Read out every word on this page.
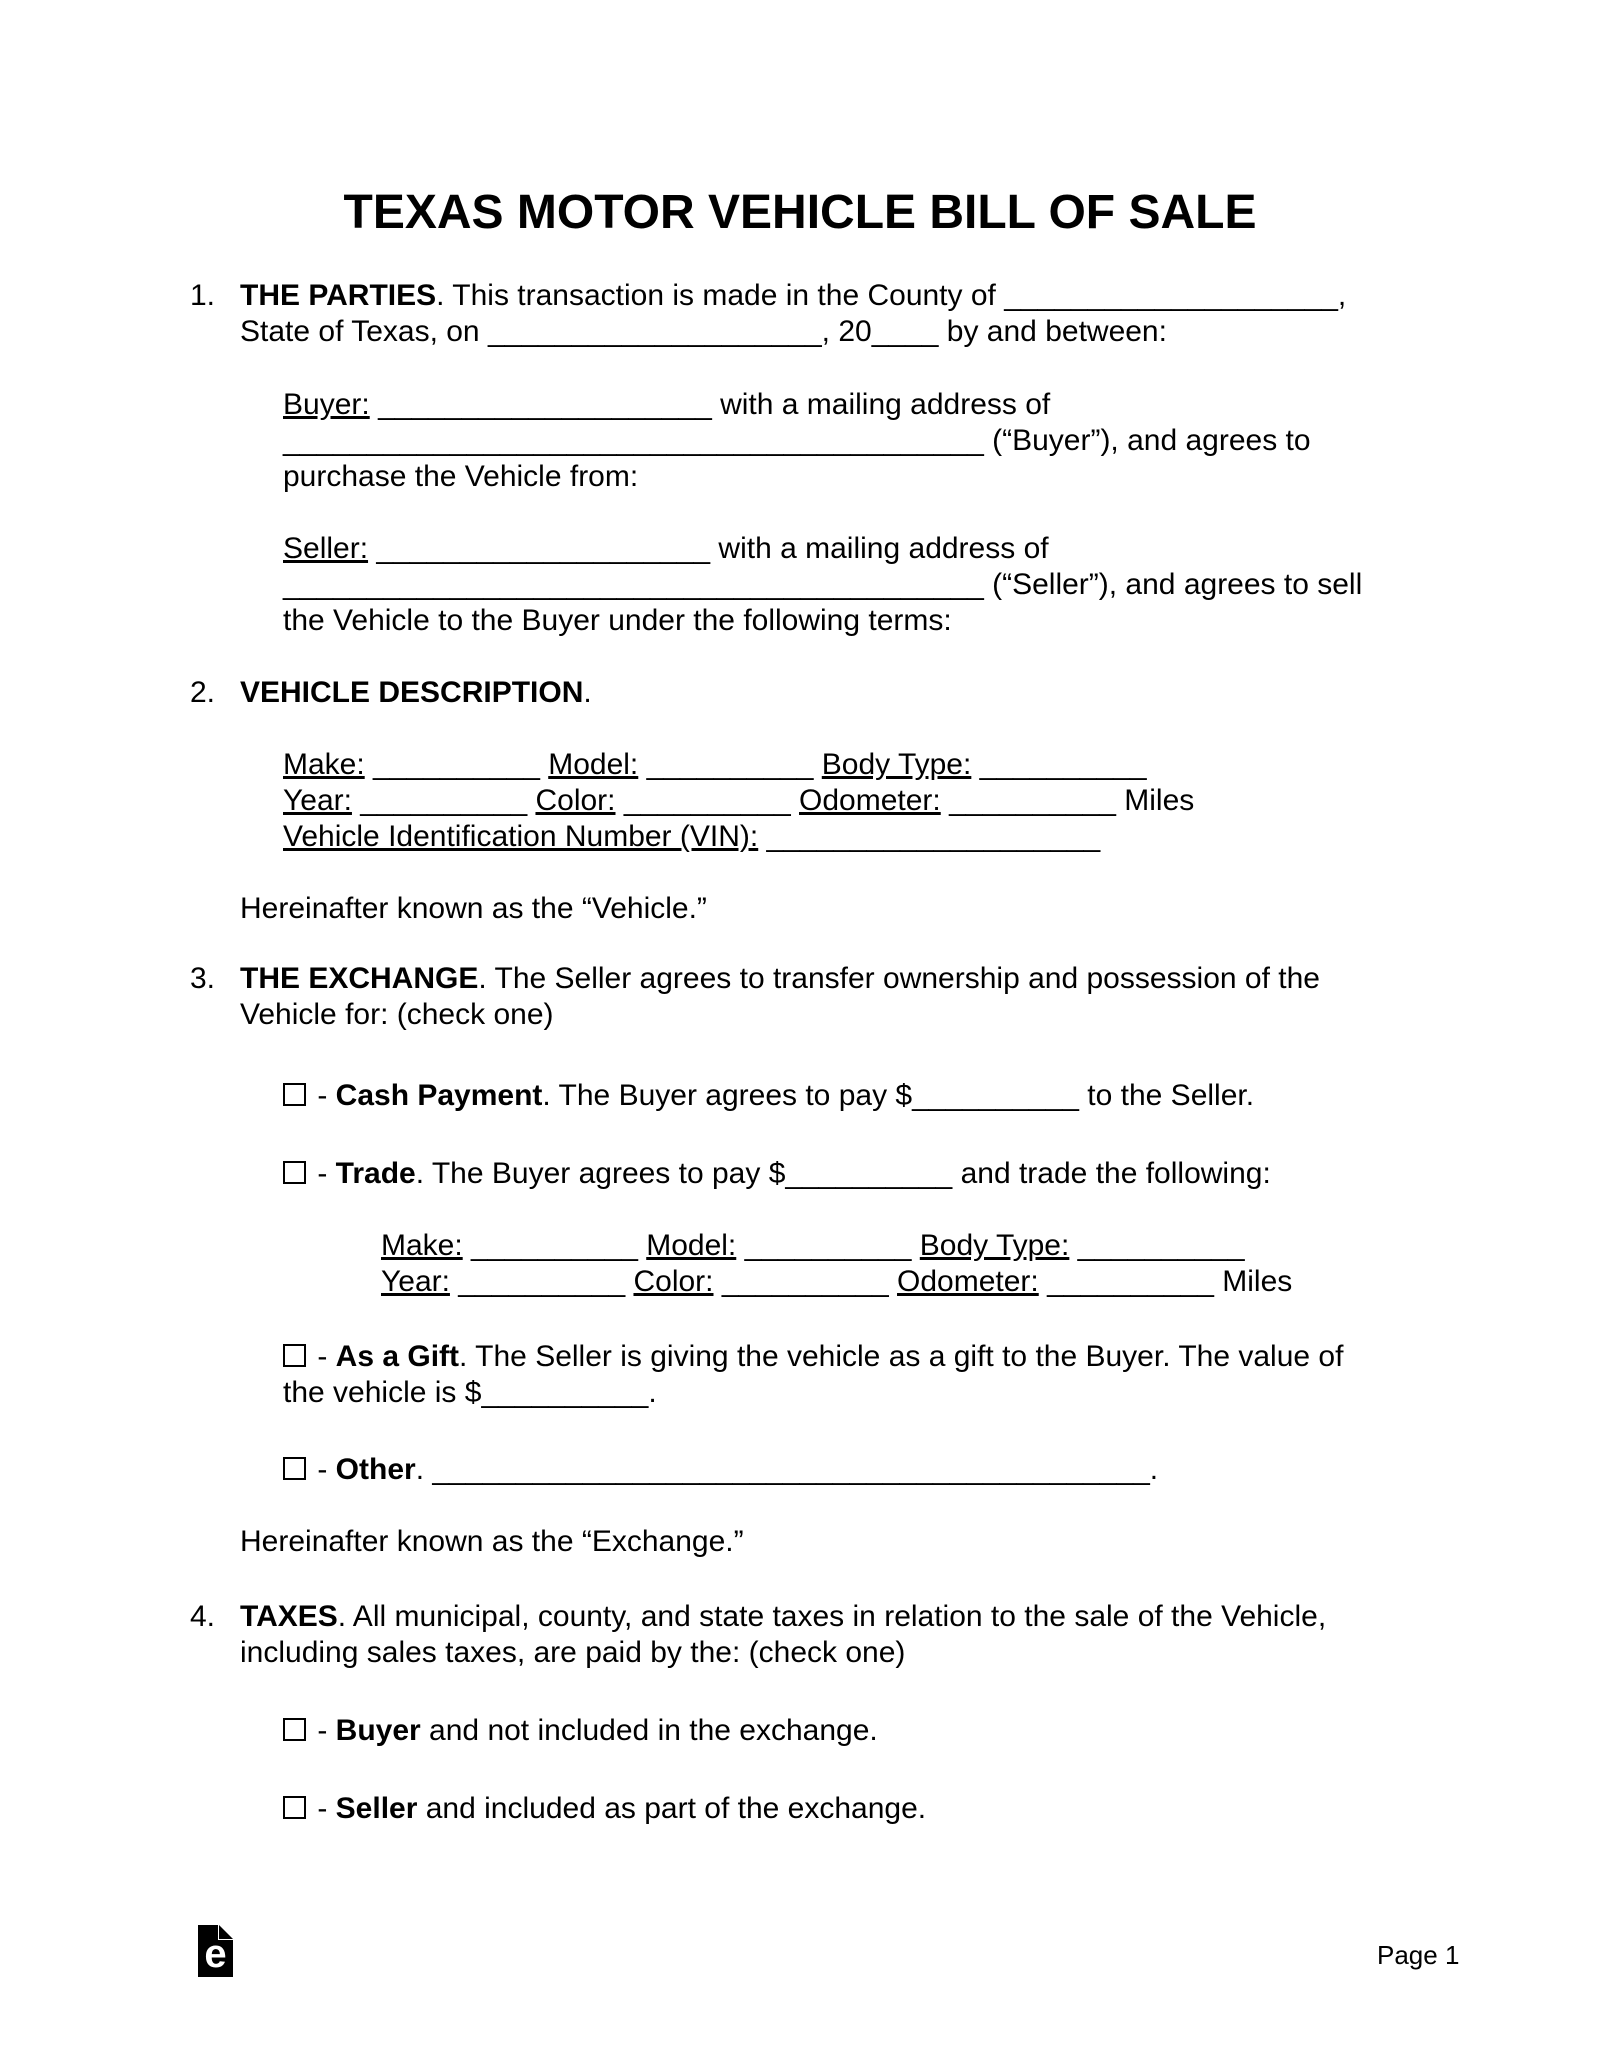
TEXAS MOTOR VEHICLE BILL OF SALE
1. THE PARTIES. This transaction is made in the County of ____________________,
State of Texas, on ____________________, 20____ by and between:
Buyer: ____________________ with a mailing address of
__________________________________________ (“Buyer”), and agrees to
purchase the Vehicle from:
Seller: ____________________ with a mailing address of
__________________________________________ (“Seller”), and agrees to sell
the Vehicle to the Buyer under the following terms:
2. VEHICLE DESCRIPTION.
Make: __________ Model: __________ Body Type: __________
Year: __________ Color: __________ Odometer: __________ Miles
Vehicle Identification Number (VIN): ____________________
Hereinafter known as the “Vehicle.”
3. THE EXCHANGE. The Seller agrees to transfer ownership and possession of the
Vehicle for: (check one)
- Cash Payment. The Buyer agrees to pay $__________ to the Seller.
- Trade. The Buyer agrees to pay $__________ and trade the following:
Make: __________ Model: __________ Body Type: __________
Year: __________ Color: __________ Odometer: __________ Miles
- As a Gift. The Seller is giving the vehicle as a gift to the Buyer. The value of
the vehicle is $__________.
- Other. ___________________________________________.
Hereinafter known as the “Exchange.”
4. TAXES. All municipal, county, and state taxes in relation to the sale of the Vehicle,
including sales taxes, are paid by the: (check one)
- Buyer and not included in the exchange.
- Seller and included as part of the exchange.
e	Page 1
